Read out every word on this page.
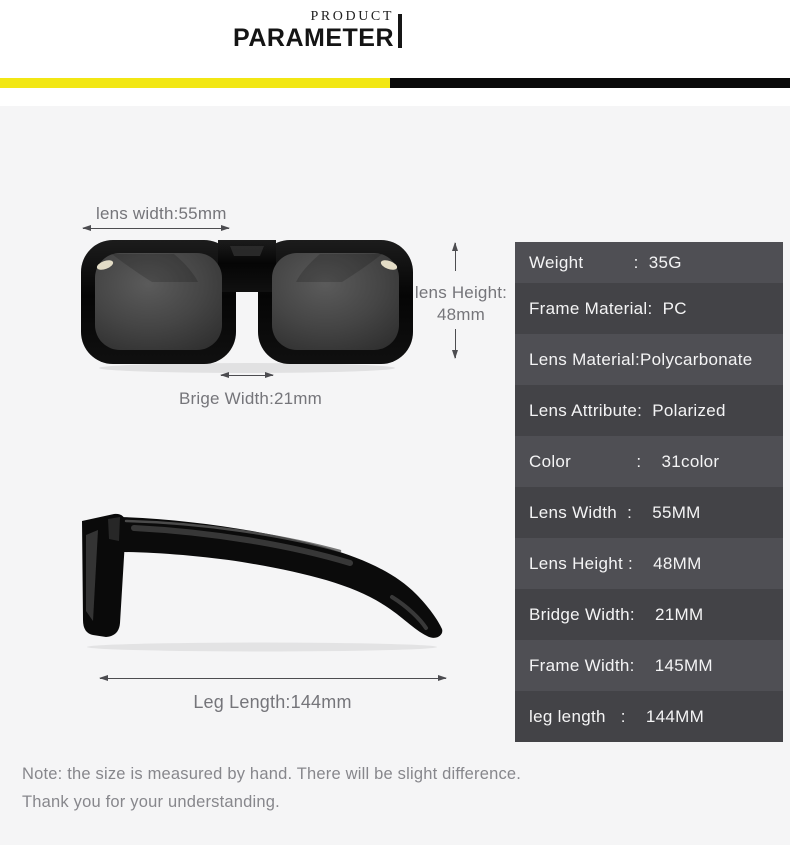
PRODUCT
PARAMETER
lens width:55mm
lens Height:
48mm
Brige Width:21mm
Leg Length:144mm
Weight          :  35G
Frame Material:  PC
Lens Material:Polycarbonate
Lens Attribute:  Polarized
Color             :    31color
Lens Width  :    55MM
Lens Height :    48MM
Bridge Width:    21MM
Frame Width:    145MM
leg length   :    144MM
Note: the size is measured by hand. There will be slight difference.
Thank you for your understanding.
